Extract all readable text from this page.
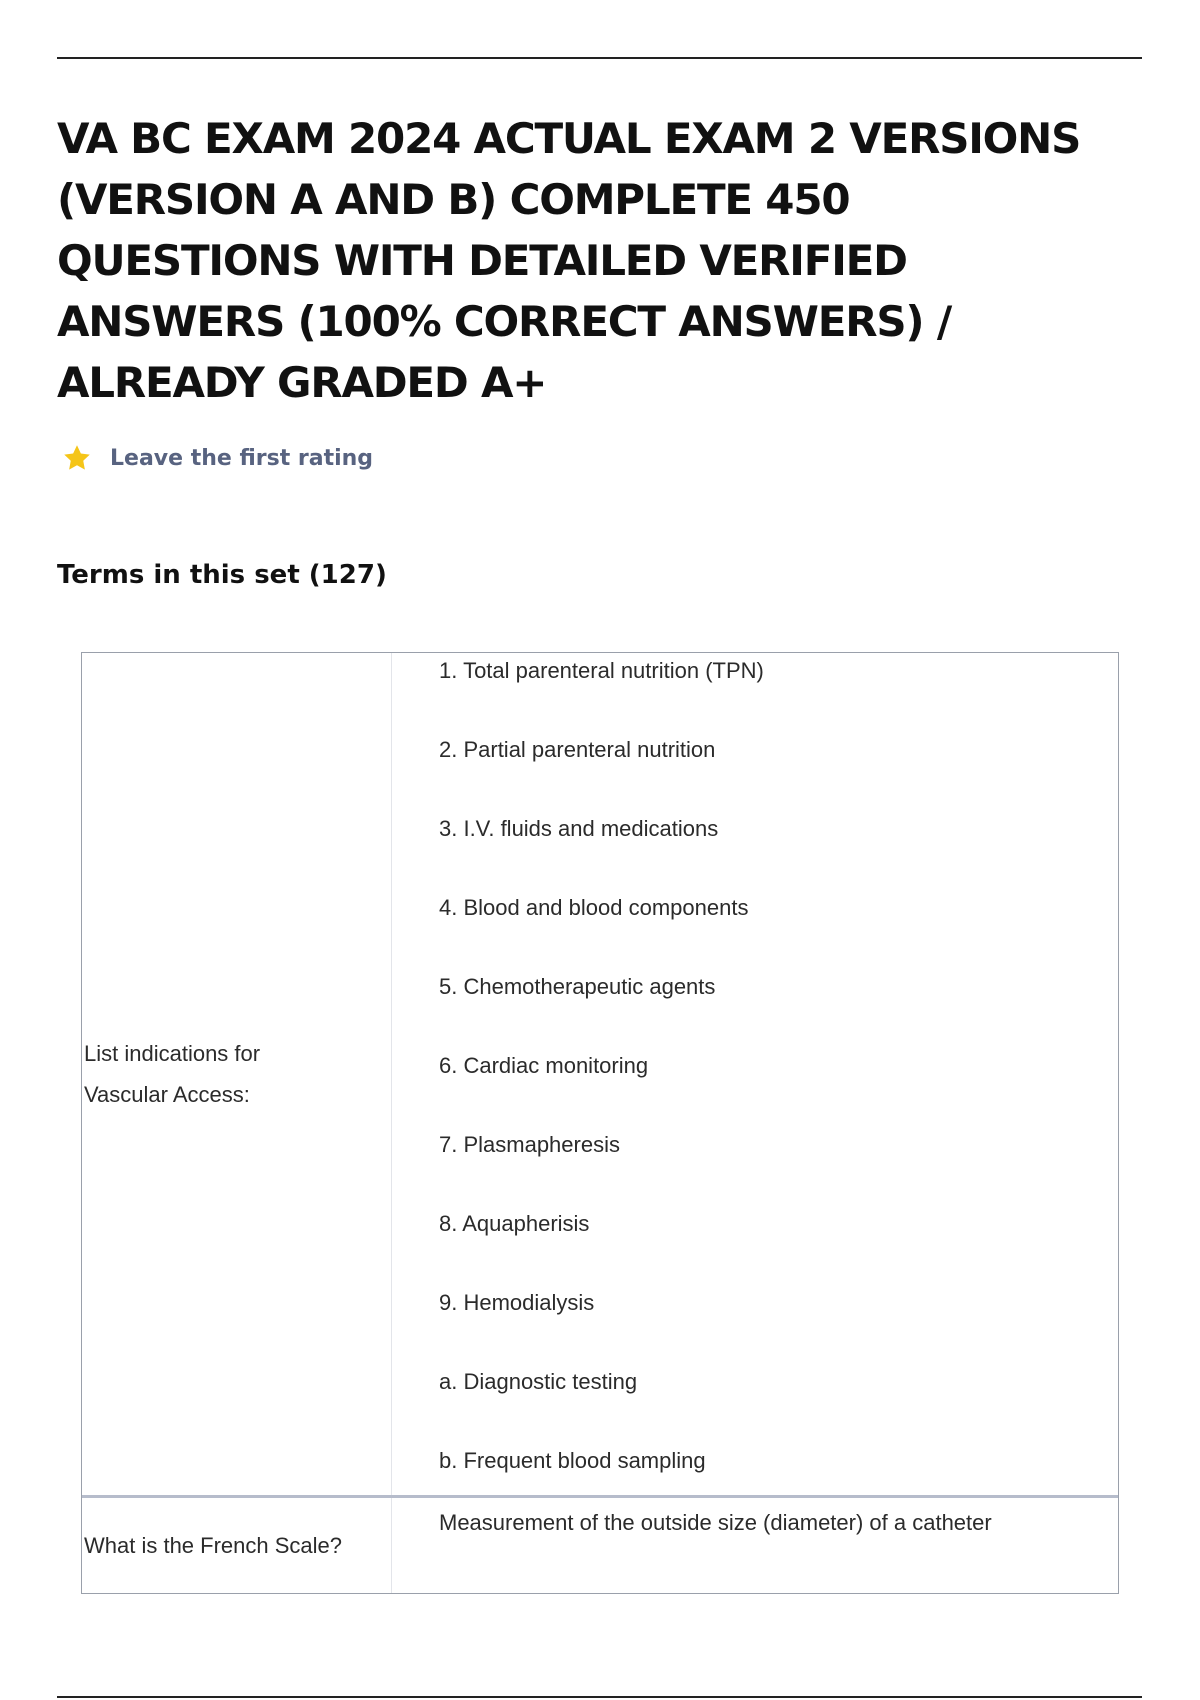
VA BC EXAM 2024 ACTUAL EXAM 2 VERSIONS
(VERSION A AND B) COMPLETE 450
QUESTIONS WITH DETAILED VERIFIED
ANSWERS (100% CORRECT ANSWERS) /
ALREADY GRADED A+
Leave the first rating
Terms in this set (127)
List indications for
Vascular Access:
1. Total parenteral nutrition (TPN)
2. Partial parenteral nutrition
3. I.V. fluids and medications
4. Blood and blood components
5. Chemotherapeutic agents
6. Cardiac monitoring
7. Plasmapheresis
8. Aquapherisis
9. Hemodialysis
a. Diagnostic testing
b. Frequent blood sampling
What is the French Scale?
Measurement of the outside size (diameter) of a catheter
